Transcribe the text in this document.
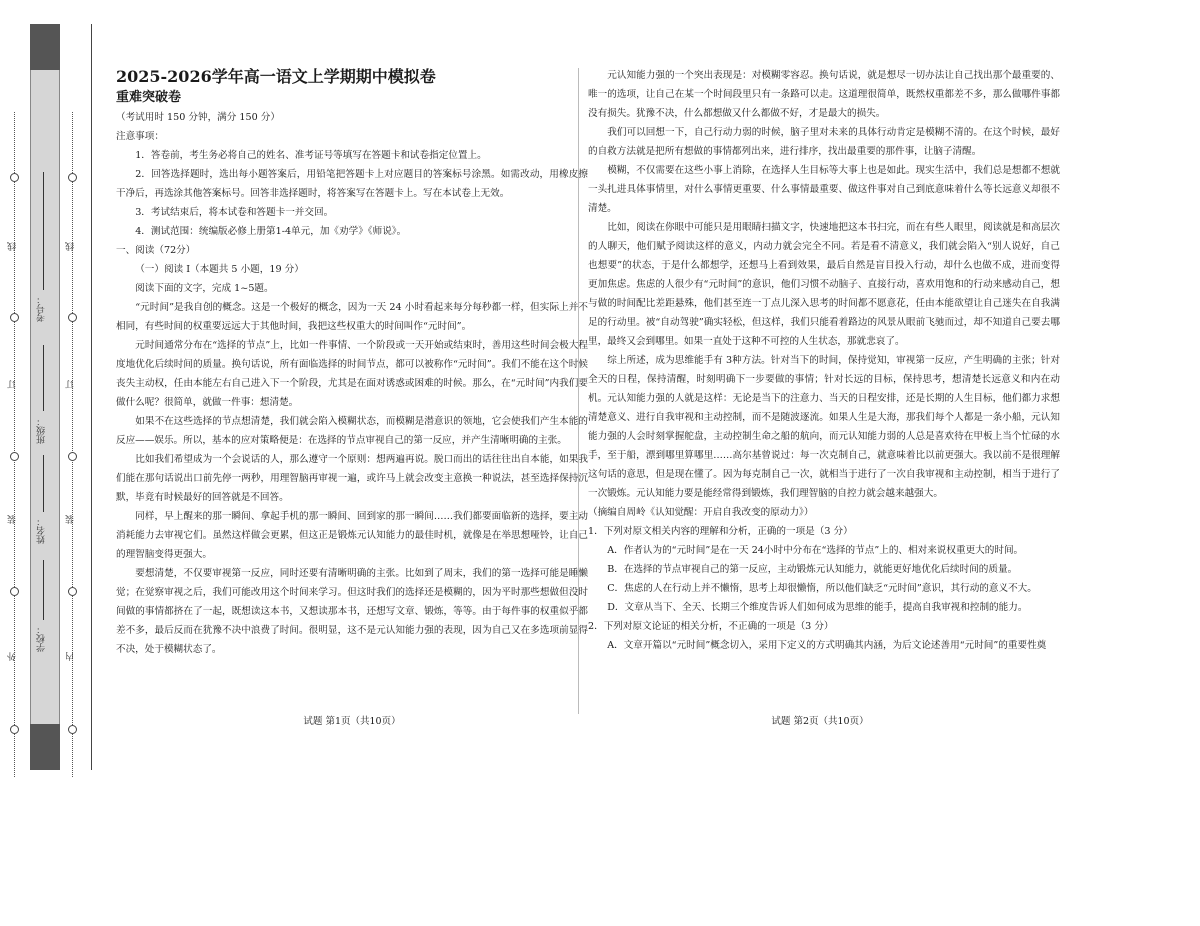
线
订
装
外
线
订
装
内
考号：
班级：
姓名：
学校：

2025-2026学年高一语文上学期期中模拟卷

重难突破卷

（考试用时 150 分钟，满分 150 分）

注意事项：

1．答卷前，考生务必将自己的姓名、准考证号等填写在答题卡和试卷指定位置上。

2．回答选择题时，选出每小题答案后，用铅笔把答题卡上对应题目的答案标号涂黑。如需改动，用橡皮擦干净后，再选涂其他答案标号。回答非选择题时，将答案写在答题卡上。写在本试卷上无效。

3．考试结束后，将本试卷和答题卡一并交回。

4．测试范围：统编版必修上册第1-4单元，加《劝学》《师说》。

一、阅读（72分）

（一）阅读 I（本题共 5 小题，19 分）

阅读下面的文字，完成 1~5题。

“元时间”是我自创的概念。这是一个极好的概念，因为一天 24 小时看起来每分每秒都一样，但实际上并不相同，有些时间的权重要远远大于其他时间，我把这些权重大的时间叫作“元时间”。

元时间通常分布在“选择的节点”上，比如一件事情、一个阶段或一天开始或结束时，善用这些时间会极大程度地优化后续时间的质量。换句话说，所有面临选择的时间节点，都可以被称作“元时间”。我们不能在这个时候丧失主动权，任由本能左右自己进入下一个阶段，尤其是在面对诱惑或困难的时候。那么，在“元时间”内我们要做什么呢？很简单，就做一件事：想清楚。

如果不在这些选择的节点想清楚，我们就会陷入模糊状态，而模糊是潜意识的领地，它会使我们产生本能的反应——娱乐。所以，基本的应对策略便是：在选择的节点审视自己的第一反应，并产生清晰明确的主张。

比如我们希望成为一个会说话的人，那么遵守一个原则：想两遍再说。脱口而出的话往往出自本能，如果我们能在那句话说出口前先停一两秒，用理智脑再审视一遍，或许马上就会改变主意换一种说法，甚至选择保持沉默，毕竟有时候最好的回答就是不回答。

同样，早上醒来的那一瞬间、拿起手机的那一瞬间、回到家的那一瞬间……我们都要面临新的选择，要主动消耗能力去审视它们。虽然这样做会更累，但这正是锻炼元认知能力的最佳时机，就像是在举思想哑铃，让自己的理智脑变得更强大。

要想清楚，不仅要审视第一反应，同时还要有清晰明确的主张。比如到了周末，我们的第一选择可能是睡懒觉；在觉察审视之后，我们可能改用这个时间来学习。但这时我们的选择还是模糊的，因为平时那些想做但没时间做的事情都挤在了一起，既想读这本书，又想读那本书，还想写文章、锻炼，等等。由于每件事的权重似乎都差不多，最后反而在犹豫不决中浪费了时间。很明显，这不是元认知能力强的表现，因为自己又在多选项前显得不决，处于模糊状态了。

试题 第1页（共10页）

元认知能力强的一个突出表现是：对模糊零容忍。换句话说，就是想尽一切办法让自己找出那个最重要的、唯一的选项，让自己在某一个时间段里只有一条路可以走。这道理很简单，既然权重都差不多，那么做哪件事都没有损失。犹豫不决，什么都想做又什么都做不好，才是最大的损失。

我们可以回想一下，自己行动力弱的时候，脑子里对未来的具体行动肯定是模糊不清的。在这个时候，最好的自救方法就是把所有想做的事情都列出来，进行排序，找出最重要的那件事，让脑子清醒。

模糊，不仅需要在这些小事上消除，在选择人生目标等大事上也是如此。现实生活中，我们总是想都不想就一头扎进具体事情里，对什么事情更重要、什么事情最重要、做这件事对自己到底意味着什么等长远意义却很不清楚。

比如，阅读在你眼中可能只是用眼睛扫描文字，快速地把这本书扫完，而在有些人眼里，阅读就是和高层次的人聊天，他们赋予阅读这样的意义，内动力就会完全不同。若是看不清意义，我们就会陷入“别人说好，自己也想要”的状态，于是什么都想学，还想马上看到效果，最后自然是盲目投入行动，却什么也做不成，进而变得更加焦虑。焦虑的人很少有“元时间”的意识，他们习惯不动脑子、直接行动，喜欢用饱和的行动来感动自己，想与做的时间配比差距悬殊，他们甚至连一丁点儿深入思考的时间都不愿意花，任由本能欲望让自己迷失在自我满足的行动里。被“自动驾驶”确实轻松，但这样，我们只能看着路边的风景从眼前飞驰而过，却不知道自己要去哪里，最终又会到哪里。如果一直处于这种不可控的人生状态，那就悲哀了。

综上所述，成为思维能手有 3种方法。针对当下的时间，保持觉知，审视第一反应，产生明确的主张；针对全天的日程，保持清醒，时刻明确下一步要做的事情；针对长远的目标，保持思考，想清楚长远意义和内在动机。元认知能力强的人就是这样：无论是当下的注意力、当天的日程安排，还是长期的人生目标，他们都力求想清楚意义、进行自我审视和主动控制，而不是随波逐流。如果人生是大海，那我们每个人都是一条小船，元认知能力强的人会时刻掌握舵盘，主动控制生命之船的航向，而元认知能力弱的人总是喜欢待在甲板上当个忙碌的水手，至于船，漂到哪里算哪里……高尔基曾说过：每一次克制自己，就意味着比以前更强大。我以前不是很理解这句话的意思，但是现在懂了。因为每克制自己一次，就相当于进行了一次自我审视和主动控制，相当于进行了一次锻炼。元认知能力要是能经常得到锻炼，我们理智脑的自控力就会越来越强大。

（摘编自周岭《认知觉醒：开启自我改变的原动力》）

1．下列对原文相关内容的理解和分析，正确的一项是（3 分）

A．作者认为的“元时间”是在一天 24小时中分布在“选择的节点”上的、相对来说权重更大的时间。

B．在选择的节点审视自己的第一反应，主动锻炼元认知能力，就能更好地优化后续时间的质量。

C．焦虑的人在行动上并不懒惰，思考上却很懒惰，所以他们缺乏“元时间”意识，其行动的意义不大。

D．文章从当下、全天、长期三个维度告诉人们如何成为思维的能手，提高自我审视和控制的能力。

2．下列对原文论证的相关分析，不正确的一项是（3 分）

A．文章开篇以“元时间”概念切入，采用下定义的方式明确其内涵，为后文论述善用“元时间”的重要性奠

试题 第2页（共10页）
